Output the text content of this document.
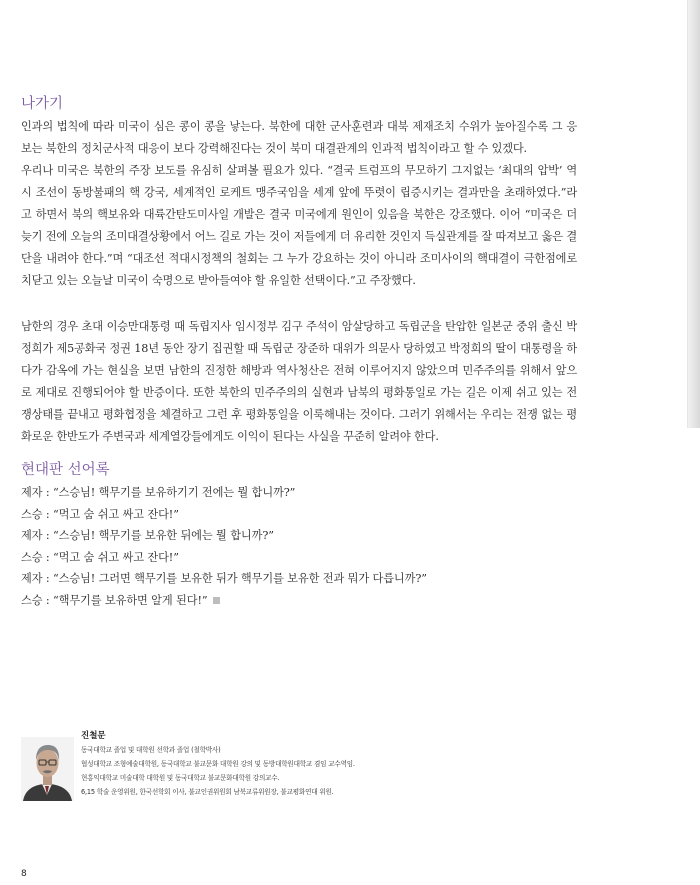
나가기

인과의 법칙에 따라 미국이 심은 콩이 콩을 낳는다. 북한에 대한 군사훈련과 대북 제재조치 수위가 높아질수록 그 응보는 북한의 정치군사적 대응이 보다 강력해진다는 것이 북미 대결관계의 인과적 법칙이라고 할 수 있겠다.

우리나 미국은 북한의 주장 보도를 유심히 살펴볼 필요가 있다. “결국 트럼프의 무모하기 그지없는 ‘최대의 압박’ 역시 조선이 동방불패의 핵 강국, 세계적인 로케트 맹주국임을 세계 앞에 뚜렷이 립증시키는 결과만을 초래하였다.”라고 하면서 북의 핵보유와 대륙간탄도미사일 개발은 결국 미국에게 원인이 있음을 북한은 강조했다. 이어 “미국은 더 늦기 전에 오늘의 조미대결상황에서 어느 길로 가는 것이 저들에게 더 유리한 것인지 득실관계를 잘 따져보고 옳은 결단을 내려야 한다.”며 “대조선 적대시정책의 철회는 그 누가 강요하는 것이 아니라 조미사이의 핵대결이 극한점에로 치닫고 있는 오늘날 미국이 숙명으로 받아들여야 할 유일한 선택이다.”고 주장했다.

남한의 경우 초대 이승만대통령 때 독립지사 임시정부 김구 주석이 암살당하고 독립군을 탄압한 일본군 중위 출신 박정희가 제5공화국 정권 18년 동안 장기 집권할 때 독립군 장준하 대위가 의문사 당하였고 박정희의 딸이 대통령을 하다가 감옥에 가는 현실을 보면 남한의 진정한 해방과 역사청산은 전혀 이루어지지 않았으며 민주주의를 위해서 앞으로 제대로 진행되어야 할 반증이다. 또한 북한의 민주주의의 실현과 남북의 평화통일로 가는 길은 이제 쉬고 있는 전쟁상태를 끝내고 평화협정을 체결하고 그런 후 평화통일을 이룩해내는 것이다. 그러기 위해서는 우리는 전쟁 없는 평화로운 한반도가 주변국과 세계열강들에게도 이익이 된다는 사실을 꾸준히 알려야 한다.

현대판 선어록
제자 : “스승님! 핵무기를 보유하기기 전에는 뭘 합니까?”
스승 : “먹고 숨 쉬고 싸고 잔다!”
제자 : “스승님! 핵무기를 보유한 뒤에는 뭘 합니까?”
스승 : “먹고 숨 쉬고 싸고 잔다!”
제자 : “스승님! 그러면 핵무기를 보유한 뒤가 핵무기를 보유한 전과 뭐가 다릅니까?”
스승 : “핵무기를 보유하면 알게 된다!”
진철문
동국대학교 졸업 및 대학원 선학과 졸업 (철학박사)
협성대학교 조형예술대학원, 동국대학교 불교문화 대학원 강의 및 동방대학원대학교 겸임 교수역임.
현홍익대학교 미술대학 대학원 및 동국대학교 불교문화대학원 강의교수.
6,15 학술 운영위원, 한국선학회 이사, 불교인권위원회 남북교류위원장, 불교평화연대 위원.
8
